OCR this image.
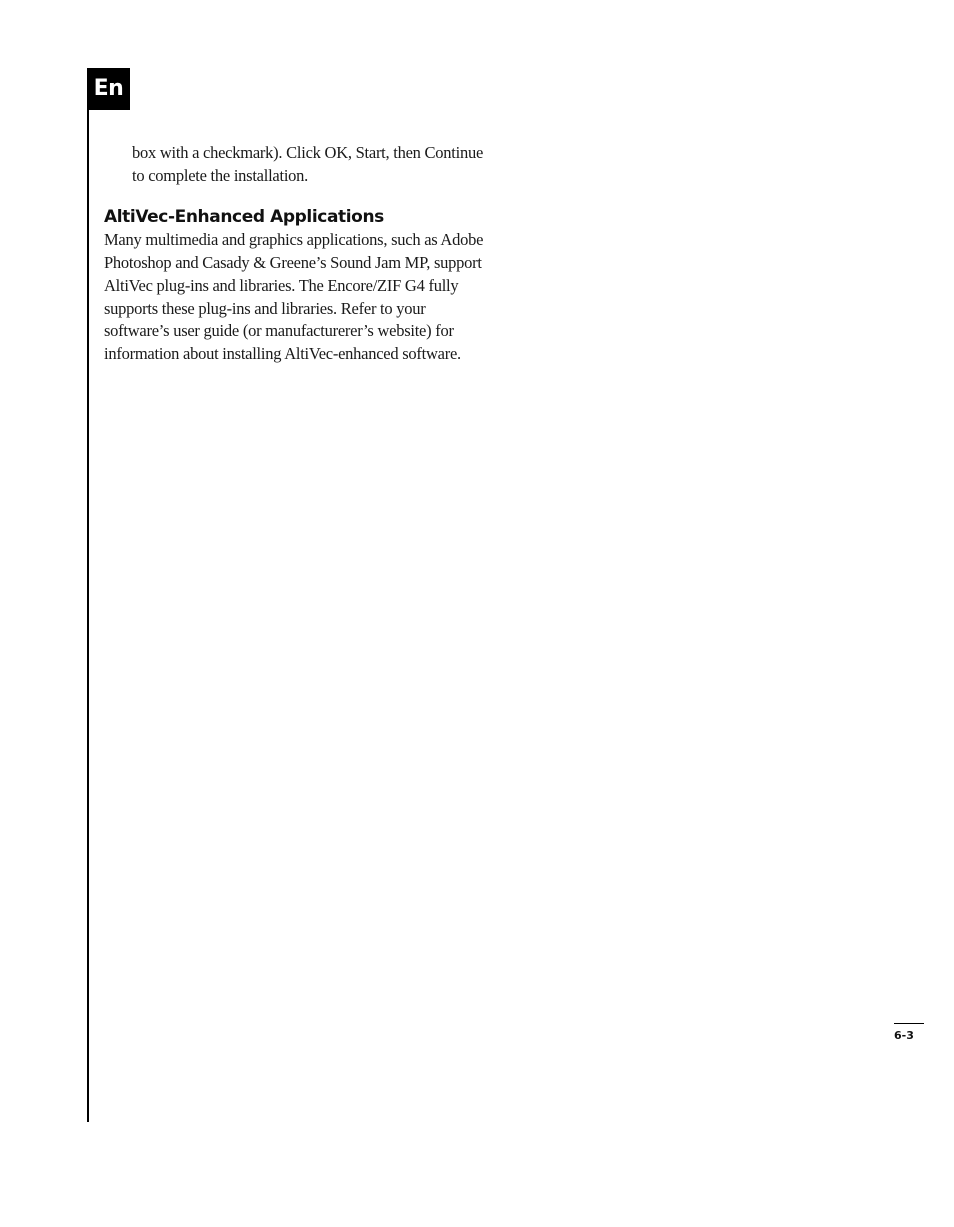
En

box with a checkmark). Click OK, Start, then Continue to complete the installation.

AltiVec-Enhanced Applications

Many multimedia and graphics applications, such as Adobe Photoshop and Casady & Greene’s Sound Jam MP, support AltiVec plug-ins and libraries. The Encore/ZIF G4 fully supports these plug-ins and libraries. Refer to your software’s user guide (or manufacturerer’s website) for information about installing AltiVec-enhanced software.

6-3
